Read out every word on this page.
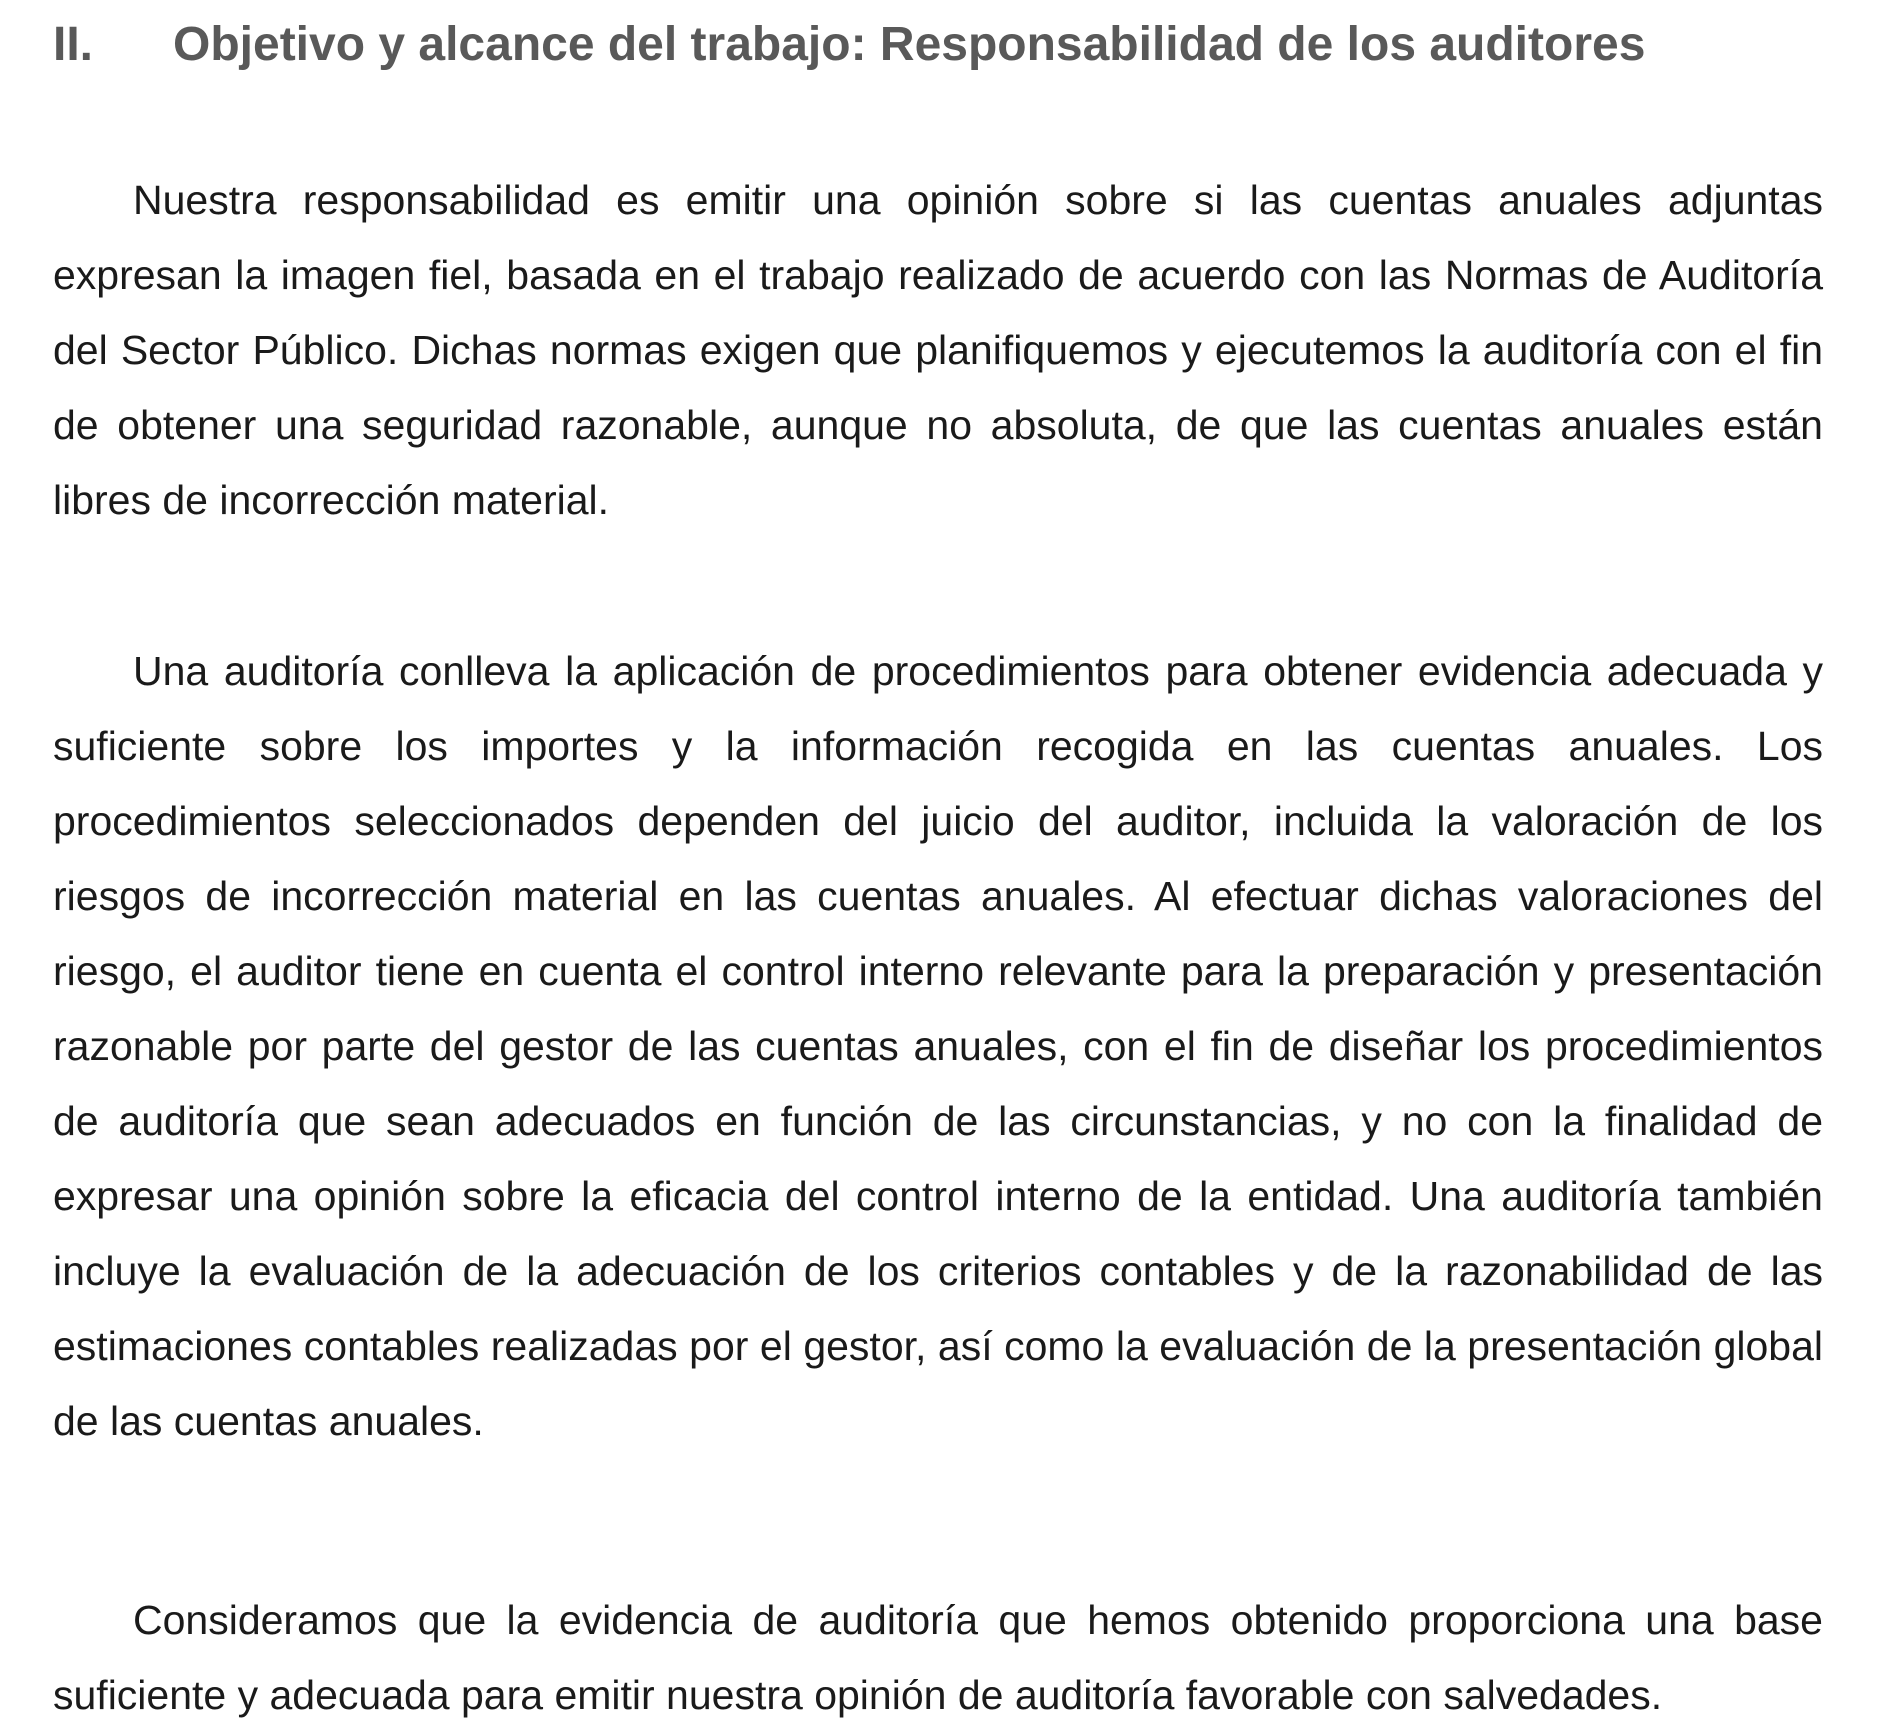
II.	Objetivo y alcance del trabajo: Responsabilidad de los auditores

Nuestra responsabilidad es emitir una opinión sobre si las cuentas anuales adjuntas expresan la imagen fiel, basada en el trabajo realizado de acuerdo con las Normas de Auditoría del Sector Público. Dichas normas exigen que planifiquemos y ejecutemos la auditoría con el fin de obtener una seguridad razonable, aunque no absoluta, de que las cuentas anuales están libres de incorrección material.

Una auditoría conlleva la aplicación de procedimientos para obtener evidencia adecuada y suficiente sobre los importes y la información recogida en las cuentas anuales. Los procedimientos seleccionados dependen del juicio del auditor, incluida la valoración de los riesgos de incorrección material en las cuentas anuales. Al efectuar dichas valoraciones del riesgo, el auditor tiene en cuenta el control interno relevante para la preparación y presentación razonable por parte del gestor de las cuentas anuales, con el fin de diseñar los procedimientos de auditoría que sean adecuados en función de las circunstancias, y no con la finalidad de expresar una opinión sobre la eficacia del control interno de la entidad. Una auditoría también incluye la evaluación de la adecuación de los criterios contables y de la razonabilidad de las estimaciones contables realizadas por el gestor, así como la evaluación de la presentación global de las cuentas anuales.

Consideramos que la evidencia de auditoría que hemos obtenido proporciona una base suficiente y adecuada para emitir nuestra opinión de auditoría favorable con salvedades.
